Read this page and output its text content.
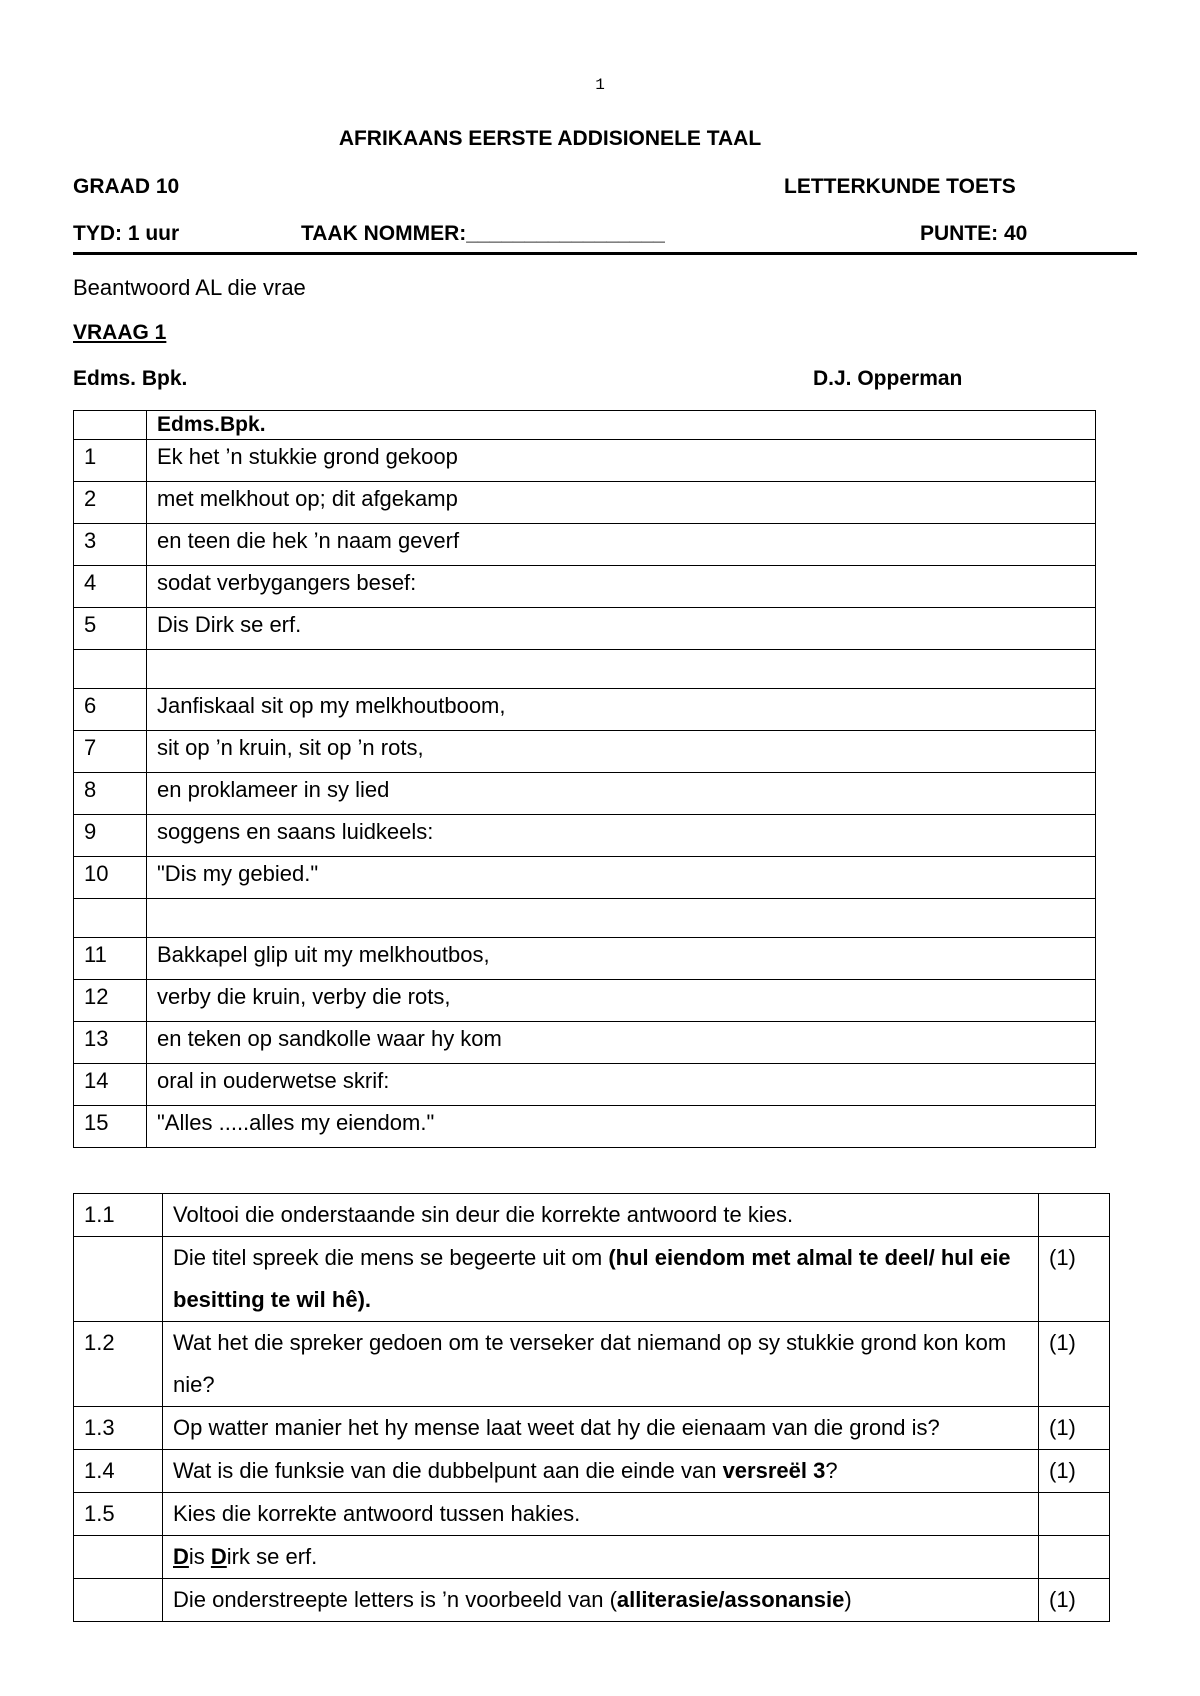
1
AFRIKAANS EERSTE ADDISIONELE TAAL
GRAAD 10	LETTERKUNDE TOETS
TYD: 1 uur	TAAK NOMMER:_________________	PUNTE: 40
Beantwoord AL die vrae
VRAAG 1
Edms. Bpk.	D.J. Opperman
	Edms.Bpk.
1	Ek het ’n stukkie grond gekoop
2	met melkhout op; dit afgekamp
3	en teen die hek ’n naam geverf
4	sodat verbygangers besef:
5	Dis Dirk se erf.

6	Janfiskaal sit op my melkhoutboom,
7	sit op ’n kruin, sit op ’n rots,
8	en proklameer in sy lied
9	soggens en saans luidkeels:
10	"Dis my gebied."

11	Bakkapel glip uit my melkhoutbos,
12	verby die kruin, verby die rots,
13	en teken op sandkolle waar hy kom
14	oral in ouderwetse skrif:
15	"Alles .....alles my eiendom."
1.1	Voltooi die onderstaande sin deur die korrekte antwoord te kies.	
	Die titel spreek die mens se begeerte uit om (hul eiendom met almal te deel/ hul eie besitting te wil hê).	(1)
1.2	Wat het die spreker gedoen om te verseker dat niemand op sy stukkie grond kon kom nie?	(1)
1.3	Op watter manier het hy mense laat weet dat hy die eienaam van die grond is?	(1)
1.4	Wat is die funksie van die dubbelpunt aan die einde van versreël 3?	(1)
1.5	Kies die korrekte antwoord tussen hakies.	
	Dis Dirk se erf.	
	Die onderstreepte letters is ’n voorbeeld van (alliterasie/assonansie)	(1)
